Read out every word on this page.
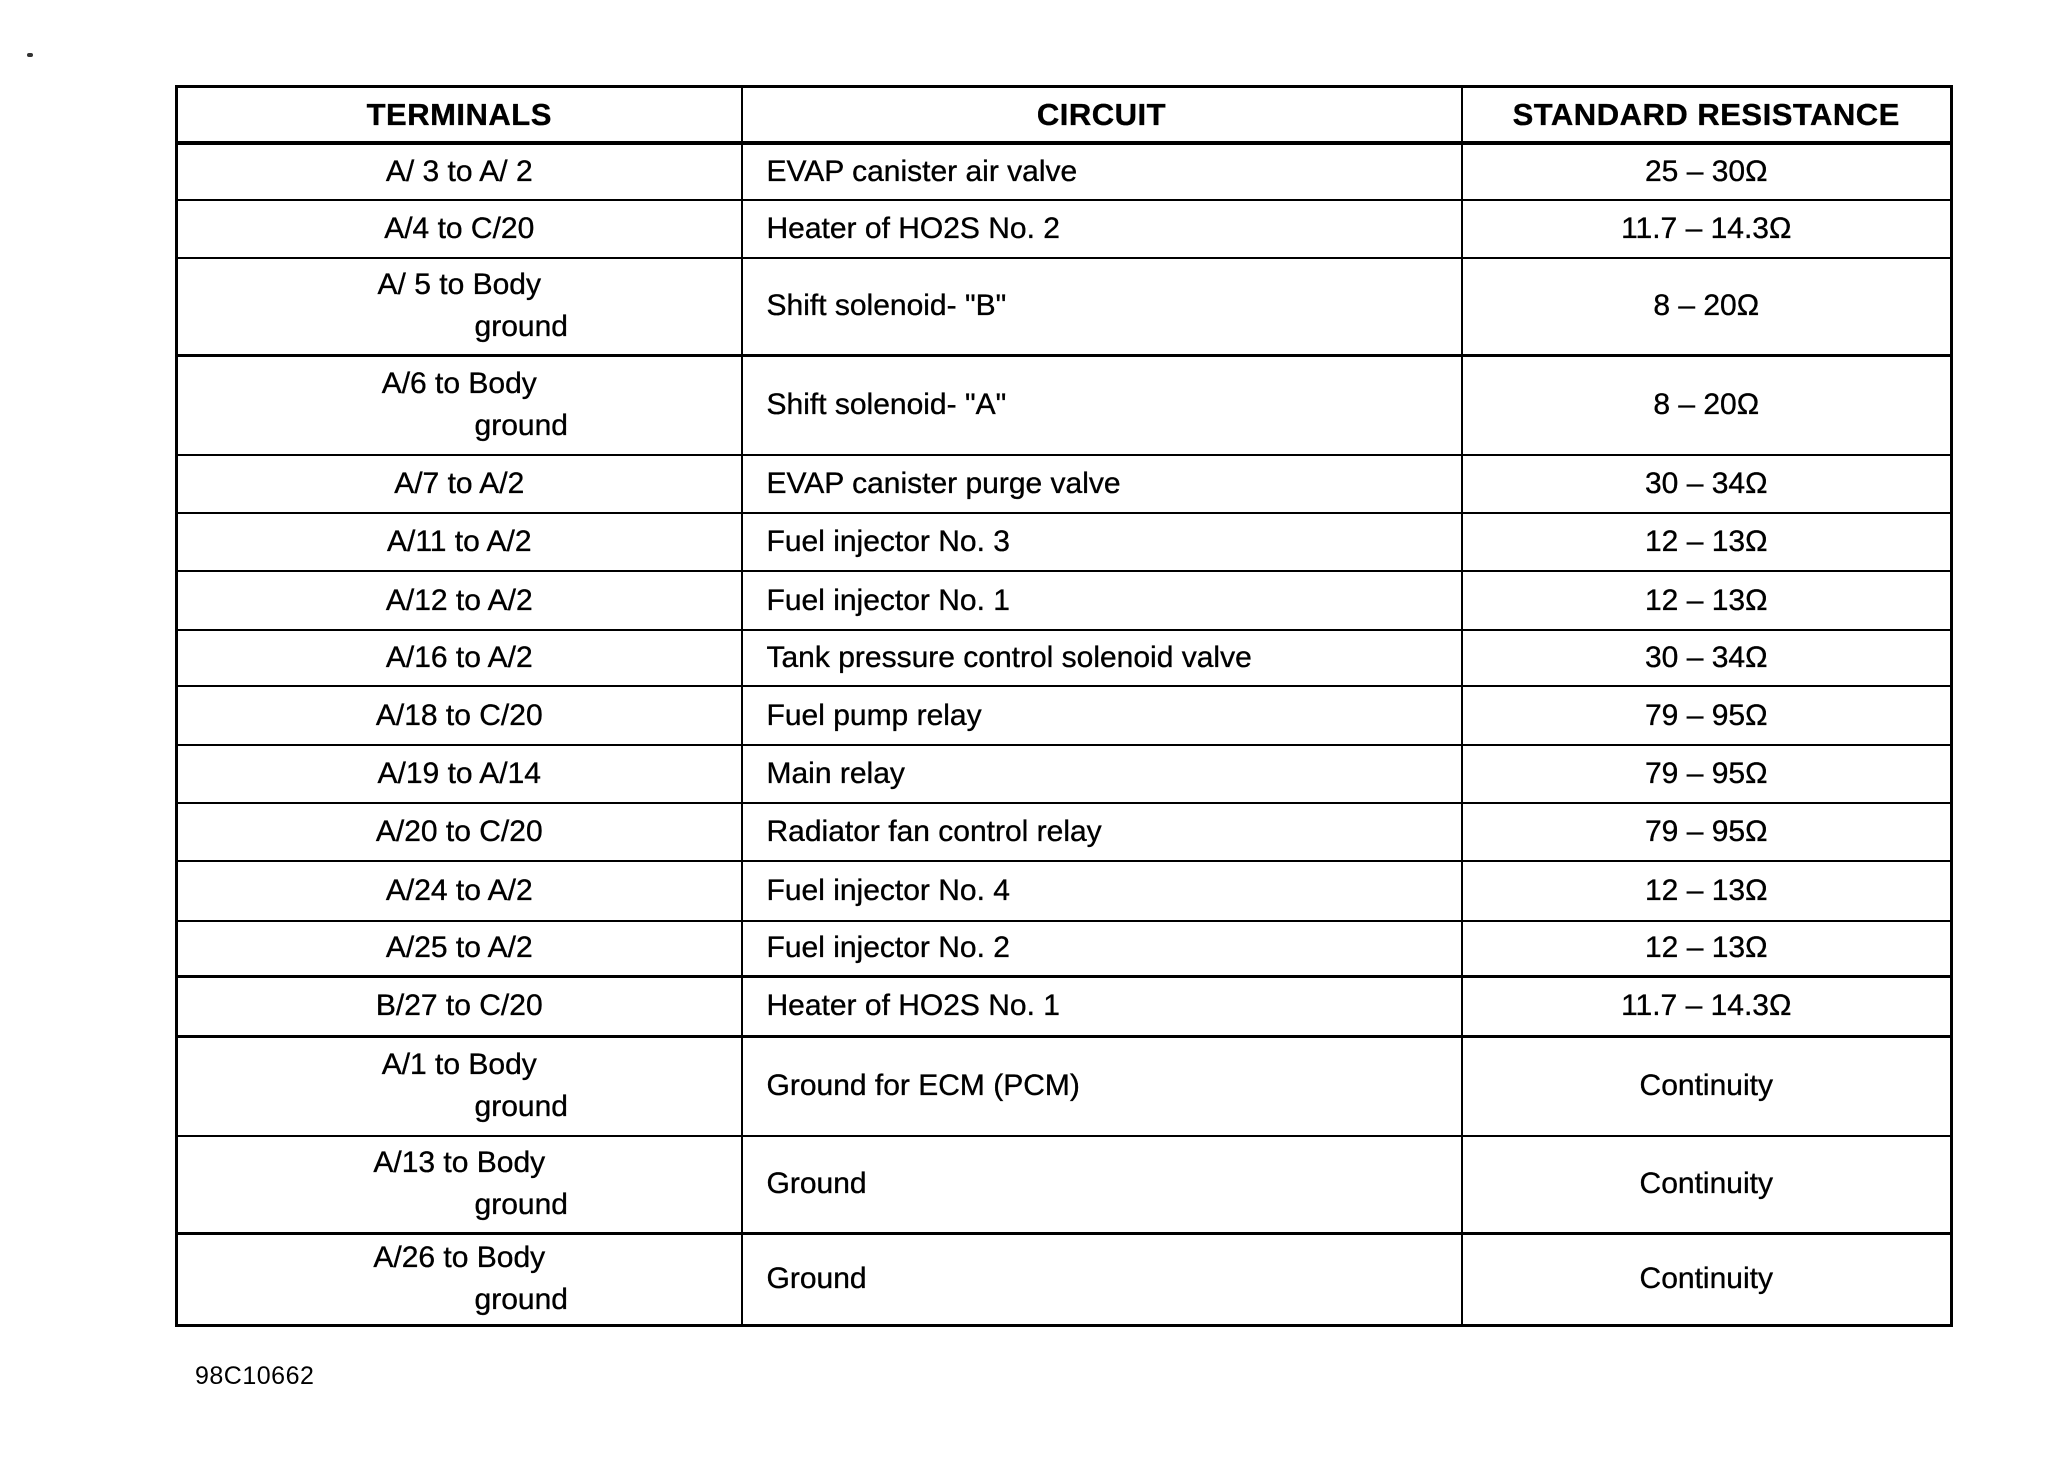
TERMINALS	CIRCUIT	STANDARD RESISTANCE

A/ 3 to A/ 2	EVAP canister air valve	25 – 30Ω

A/4 to C/20	Heater of HO2S No. 2	11.7 – 14.3Ω

A/ 5 to Body
ground	Shift solenoid- "B"	8 – 20Ω

A/6 to Body
ground	Shift solenoid- "A"	8 – 20Ω

A/7 to A/2	EVAP canister purge valve	30 – 34Ω

A/11 to A/2	Fuel injector No. 3	12 – 13Ω

A/12 to A/2	Fuel injector No. 1	12 – 13Ω

A/16 to A/2	Tank pressure control solenoid valve	30 – 34Ω

A/18 to C/20	Fuel pump relay	79 – 95Ω

A/19 to A/14	Main relay	79 – 95Ω

A/20 to C/20	Radiator fan control relay	79 – 95Ω

A/24 to A/2	Fuel injector No. 4	12 – 13Ω

A/25 to A/2	Fuel injector No. 2	12 – 13Ω

B/27 to C/20	Heater of HO2S No. 1	11.7 – 14.3Ω

A/1 to Body
ground	Ground for ECM (PCM)	Continuity

A/13 to Body
ground	Ground	Continuity

A/26 to Body
ground	Ground	Continuity
98C10662
